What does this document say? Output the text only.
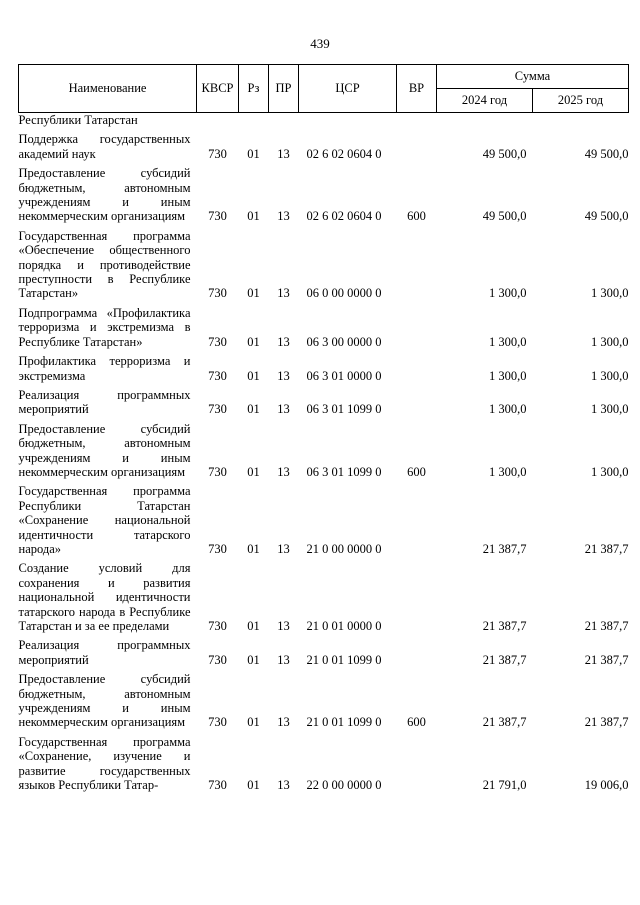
439
Наименование	КВСР	Рз	ПР	ЦСР	ВР	Сумма	
						2024 год	2025 год
Республики Татарстан							
Поддержка государственных академий наук	730	01	13	02 6 02 0604 0		49 500,0	49 500,0
Предоставление субсидий бюджетным, автономным учреждениям и иным некоммерческим организациям	730	01	13	02 6 02 0604 0	600	49 500,0	49 500,0
Государственная программа «Обеспечение общественного порядка и противодействие преступности в Республике Татарстан»	730	01	13	06 0 00 0000 0		1 300,0	1 300,0
Подпрограмма «Профилактика терроризма и экстремизма в Республике Татарстан»	730	01	13	06 3 00 0000 0		1 300,0	1 300,0
Профилактика терроризма и экстремизма	730	01	13	06 3 01 0000 0		1 300,0	1 300,0
Реализация программных мероприятий	730	01	13	06 3 01 1099 0		1 300,0	1 300,0
Предоставление субсидий бюджетным, автономным учреждениям и иным некоммерческим организациям	730	01	13	06 3 01 1099 0	600	1 300,0	1 300,0
Государственная программа Республики Татарстан «Сохранение национальной идентичности татарского народа»	730	01	13	21 0 00 0000 0		21 387,7	21 387,7
Создание условий для сохранения и развития национальной идентичности татарского народа в Республике Татарстан и за ее пределами	730	01	13	21 0 01 0000 0		21 387,7	21 387,7
Реализация программных мероприятий	730	01	13	21 0 01 1099 0		21 387,7	21 387,7
Предоставление субсидий бюджетным, автономным учреждениям и иным некоммерческим организациям	730	01	13	21 0 01 1099 0	600	21 387,7	21 387,7
Государственная программа «Сохранение, изучение и развитие государственных языков Республики Татар-	730	01	13	22 0 00 0000 0		21 791,0	19 006,0
